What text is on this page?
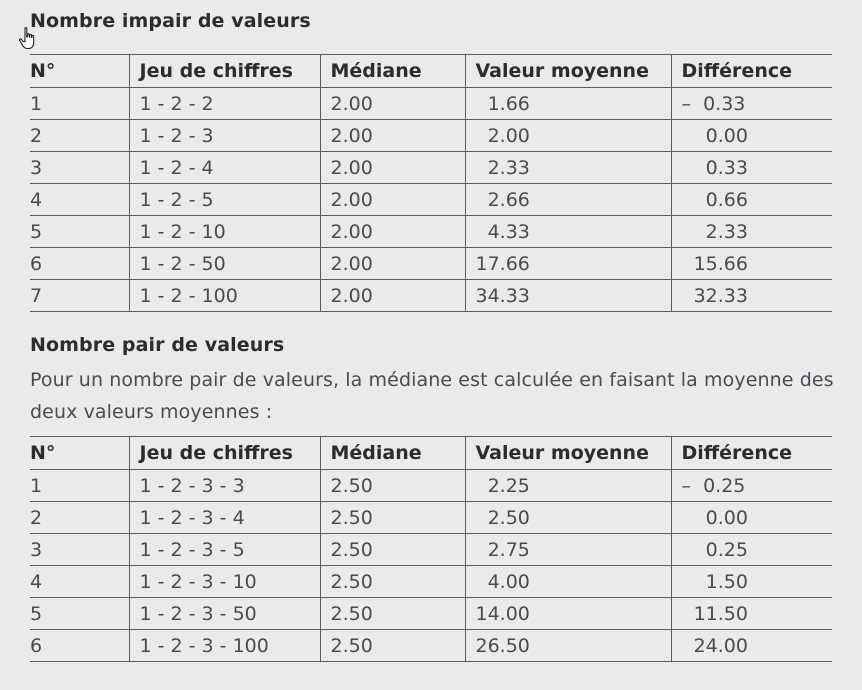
Nombre impair de valeurs
N°	Jeu de chiffres	Médiane	Valeur moyenne	Différence
1	1 - 2 - 2	2.00	1.66	–  0.33
2	1 - 2 - 3	2.00	2.00	0.00
3	1 - 2 - 4	2.00	2.33	0.33
4	1 - 2 - 5	2.00	2.66	0.66
5	1 - 2 - 10	2.00	4.33	2.33
6	1 - 2 - 50	2.00	17.66	15.66
7	1 - 2 - 100	2.00	34.33	32.33
Nombre pair de valeurs

Pour un nombre pair de valeurs, la médiane est calculée en faisant la moyenne des deux valeurs moyennes :

N°	Jeu de chiffres	Médiane	Valeur moyenne	Différence
1	1 - 2 - 3 - 3	2.50	2.25	–  0.25
2	1 - 2 - 3 - 4	2.50	2.50	0.00
3	1 - 2 - 3 - 5	2.50	2.75	0.25
4	1 - 2 - 3 - 10	2.50	4.00	1.50
5	1 - 2 - 3 - 50	2.50	14.00	11.50
6	1 - 2 - 3 - 100	2.50	26.50	24.00
